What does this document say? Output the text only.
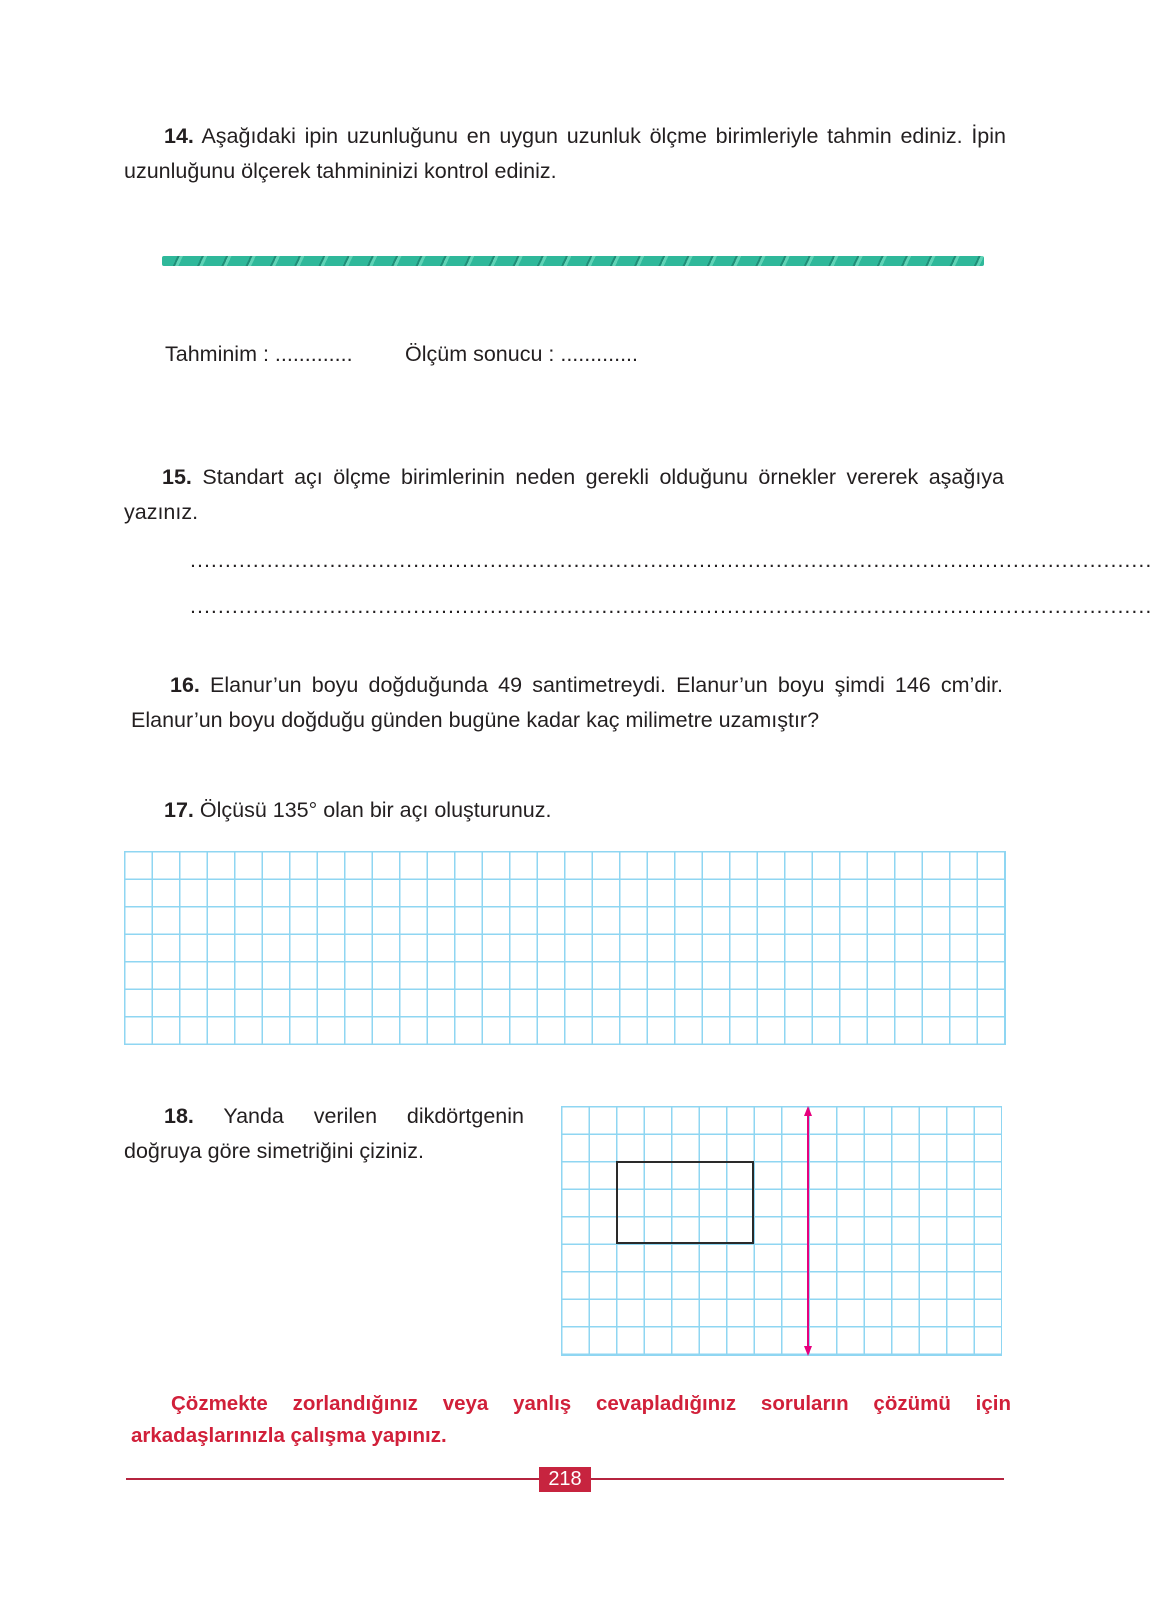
14. Aşağıdaki ipin uzunluğunu en uygun uzunluk ölçme birimleriyle tahmin ediniz. İpin uzunluğunu ölçerek tahmininizi kontrol ediniz.
Tahminim : ............. Ölçüm sonucu : .............
15. Standart açı ölçme birimlerinin neden gerekli olduğunu örnekler vererek aşağıya yazınız.
..........................................................................................................................................
..........................................................................................................................................
16. Elanur’un boyu doğduğunda 49 santimetreydi. Elanur’un boyu şimdi 146 cm’dir. Elanur’un boyu doğduğu günden bugüne kadar kaç milimetre uzamıştır?
17. Ölçüsü 135° olan bir açı oluşturunuz.
18. Yanda verilen dikdörtgenin doğruya göre simetriğini çiziniz.
Çözmekte zorlandığınız veya yanlış cevapladığınız soruların çözümü için arkadaşlarınızla çalışma yapınız.
218
